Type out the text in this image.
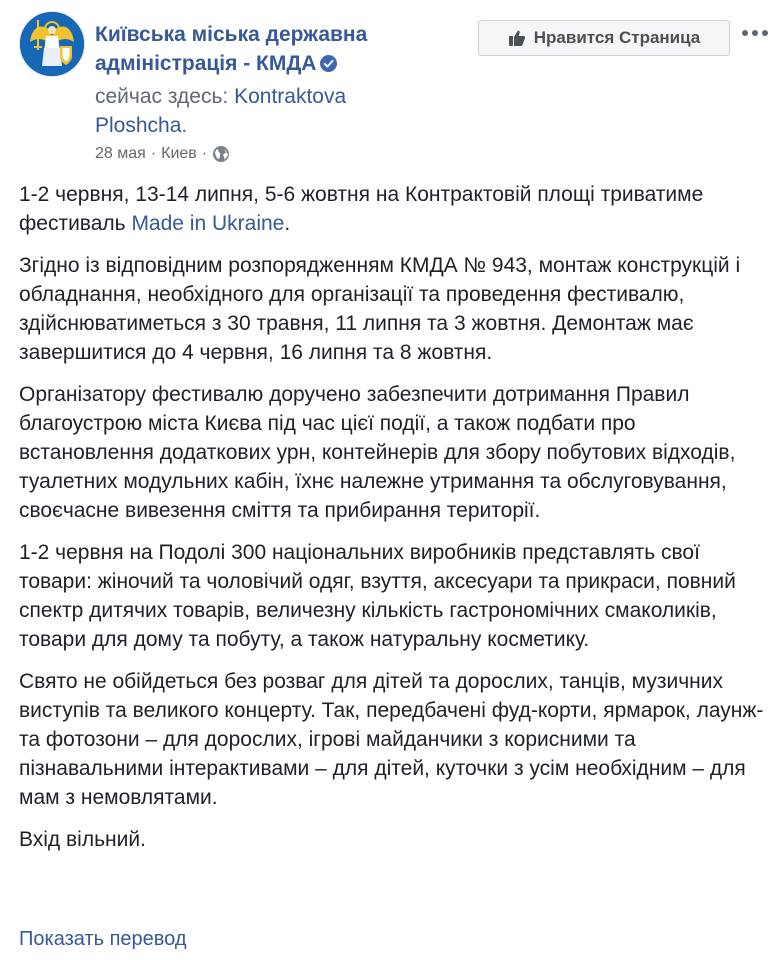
Київська міська державна адміністрація - КМДА
сейчас здесь: Kontraktova Ploshcha.
28 мая · Киев ·
Нравится Страница

1-2 червня, 13-14 липня, 5-6 жовтня на Контрактовій площі триватиме фестиваль Made in Ukraine.

Згідно із відповідним розпорядженням КМДА № 943, монтаж конструкцій і обладнання, необхідного для організації та проведення фестивалю, здійснюватиметься з 30 травня, 11 липня та 3 жовтня. Демонтаж має завершитися до 4 червня, 16 липня та 8 жовтня.

Організатору фестивалю доручено забезпечити дотримання Правил благоустрою міста Києва під час цієї події, а також подбати про встановлення додаткових урн, контейнерів для збору побутових відходів, туалетних модульних кабін, їхнє належне утримання та обслуговування, своєчасне вивезення сміття та прибирання території.

1-2 червня на Подолі 300 національних виробників представлять свої товари: жіночий та чоловічий одяг, взуття, аксесуари та прикраси, повний спектр дитячих товарів, величезну кількість гастрономічних смаколиків, товари для дому та побуту, а також натуральну косметику.

Свято не обійдеться без розваг для дітей та дорослих, танців, музичних виступів та великого концерту. Так, передбачені фуд-корти, ярмарок, лаунж- та фотозони – для дорослих, ігрові майданчики з корисними та пізнавальними інтерактивами – для дітей, куточки з усім необхідним – для мам з немовлятами.

Вхід вільний.

Показать перевод
